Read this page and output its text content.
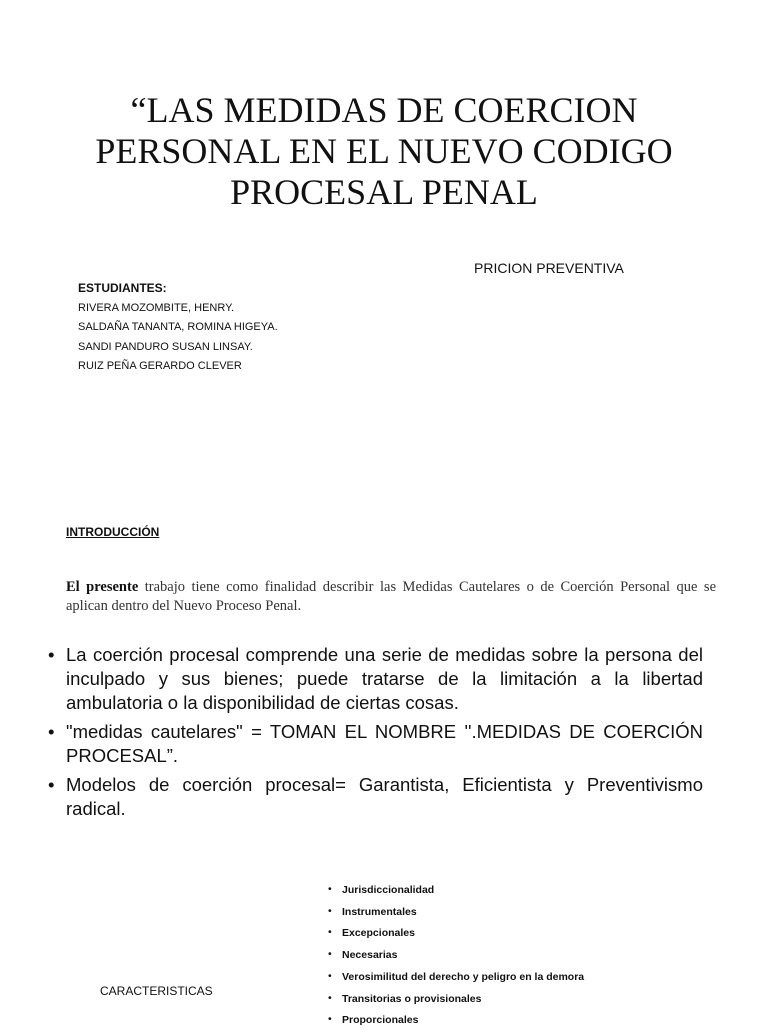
“LAS MEDIDAS DE COERCION PERSONAL EN EL NUEVO CODIGO PROCESAL PENAL
PRICION PREVENTIVA
ESTUDIANTES:
RIVERA MOZOMBITE, HENRY.
SALDAÑA TANANTA, ROMINA HIGEYA.
SANDI PANDURO SUSAN LINSAY.
RUIZ PEÑA GERARDO CLEVER
INTRODUCCIÓN
El presente trabajo tiene como finalidad describir las Medidas Cautelares o de Coerción Personal que se aplican dentro del Nuevo Proceso Penal.
• La coerción procesal comprende una serie de medidas sobre la persona del inculpado y sus bienes; puede tratarse de la limitación a la libertad ambulatoria o la disponibilidad de ciertas cosas.
• "medidas cautelares" = TOMAN EL NOMBRE ''.MEDIDAS DE COERCIÓN PROCESAL”.
• Modelos de coerción procesal= Garantista, Eficientista y Preventivismo radical.
CARACTERISTICAS
• Jurisdiccionalidad
• Instrumentales
• Excepcionales
• Necesarias
• Verosimilitud del derecho y peligro en la demora
• Transitorias o provisionales
• Proporcionales
